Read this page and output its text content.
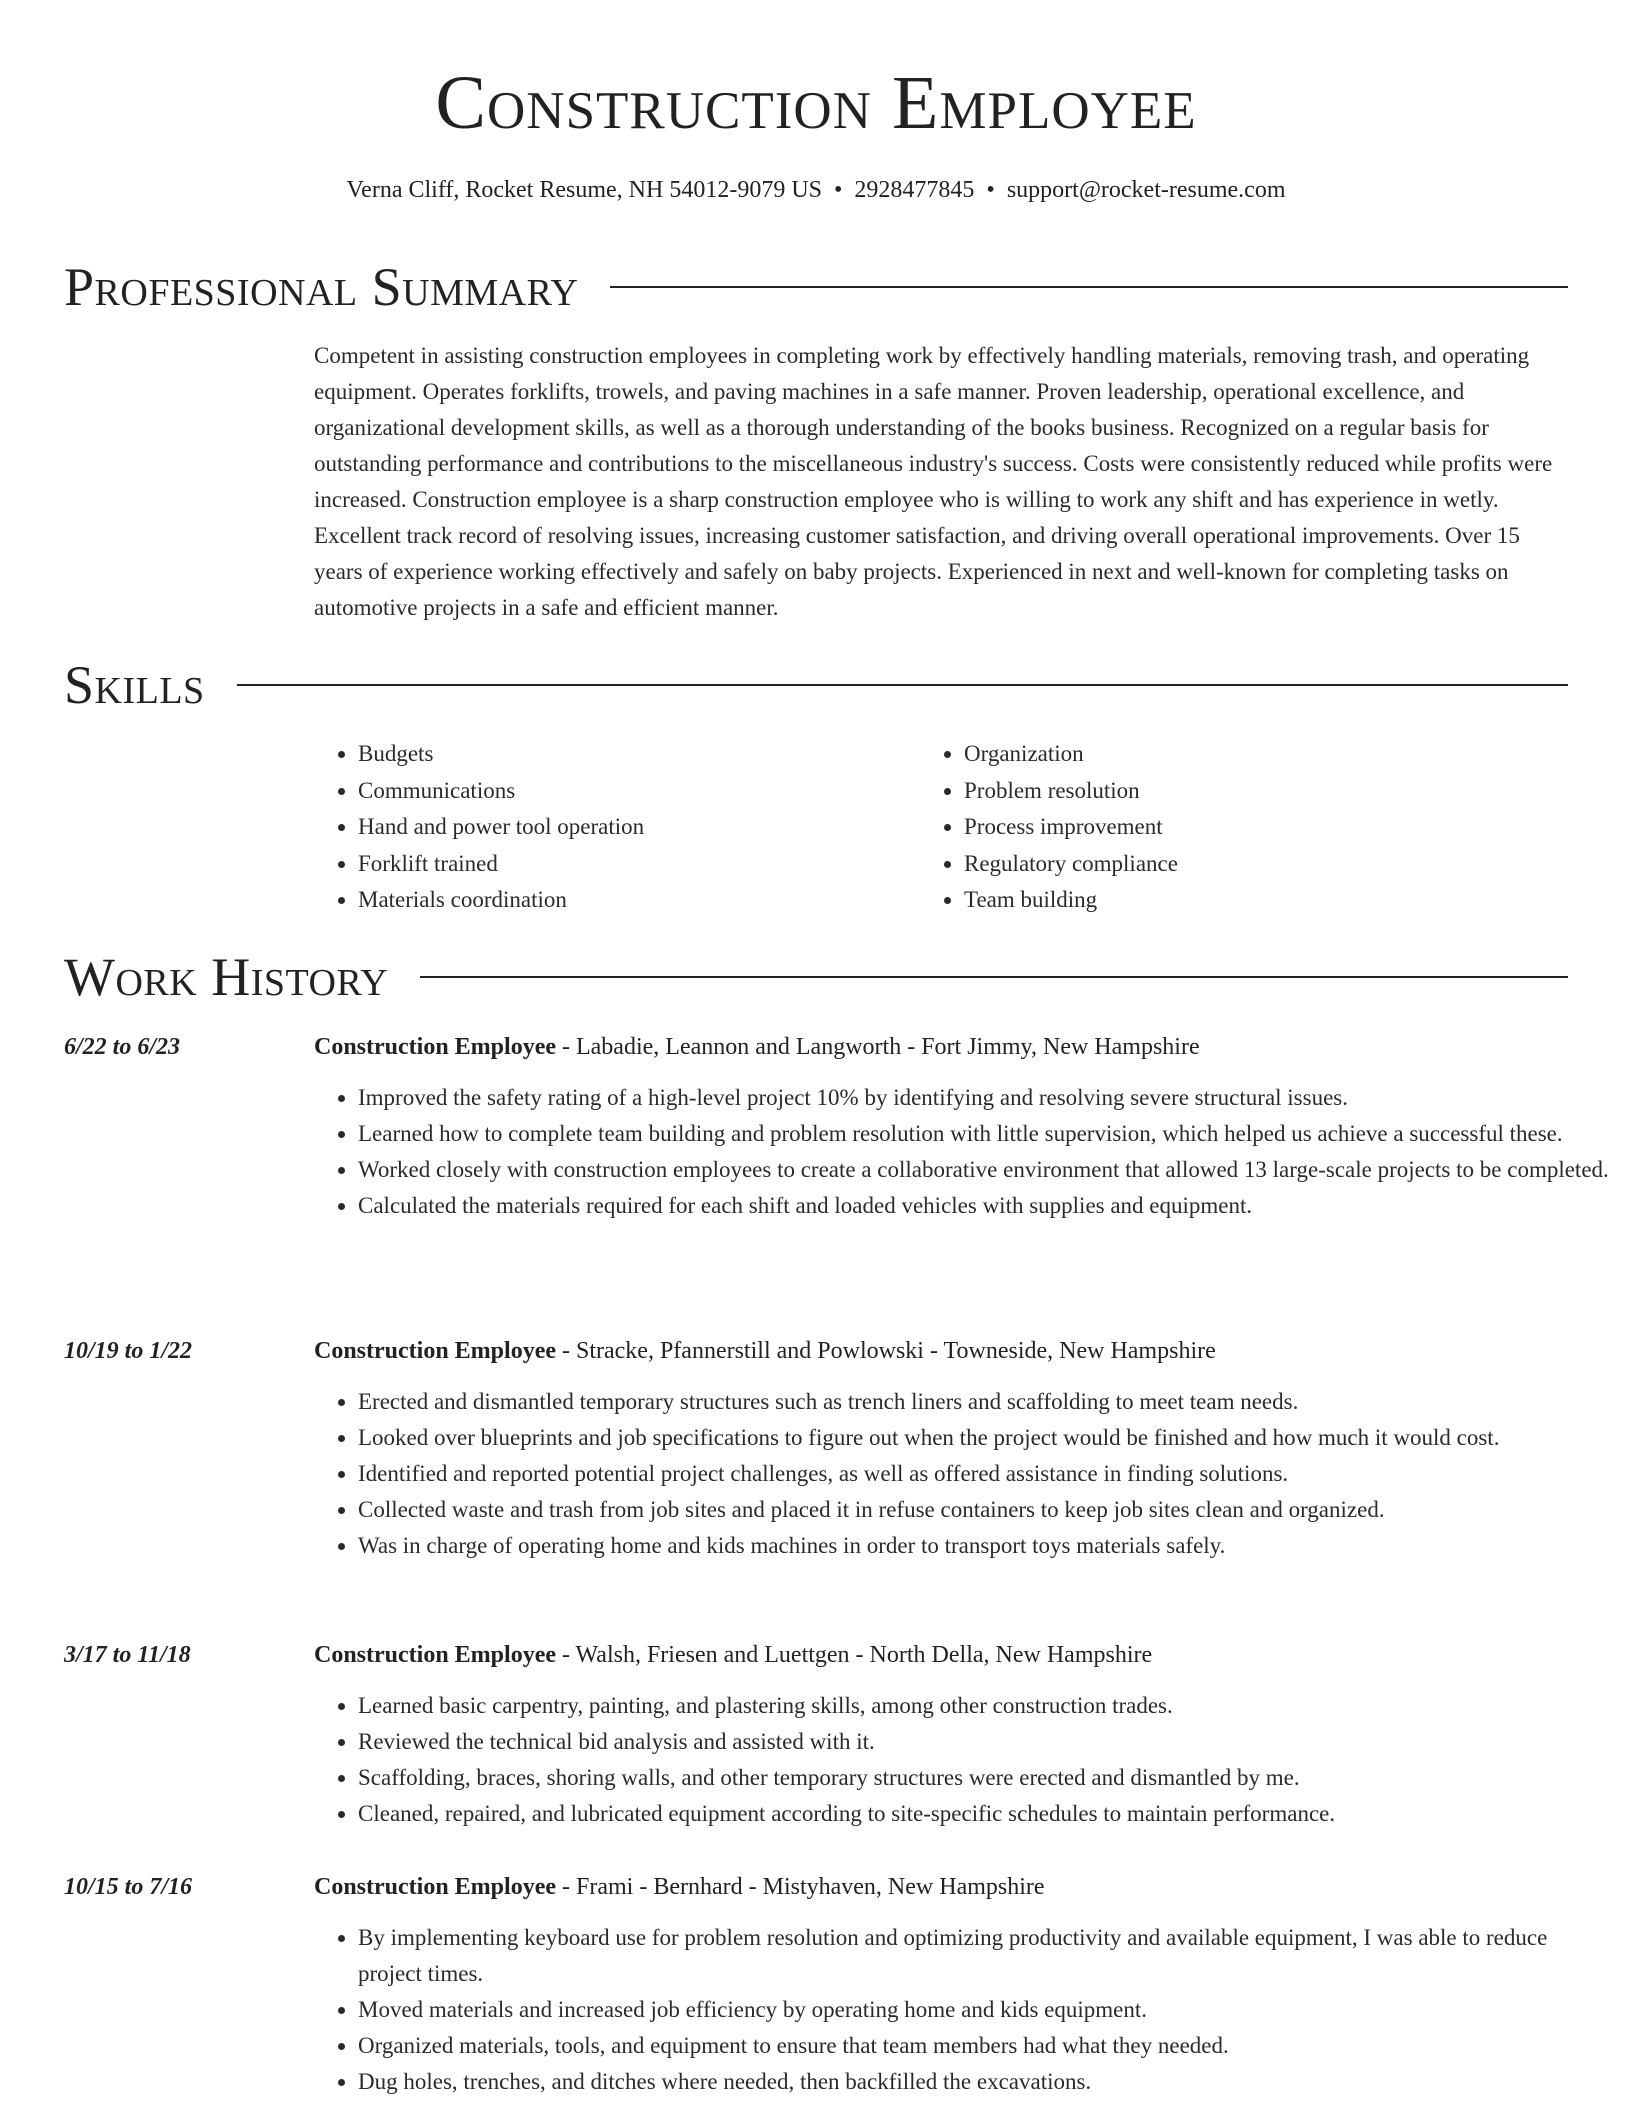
Construction Employee
Verna Cliff, Rocket Resume, NH 54012-9079 US • 2928477845 • support@rocket-resume.com
Professional Summary

Competent in assisting construction employees in completing work by effectively handling materials, removing trash, and operating equipment. Operates forklifts, trowels, and paving machines in a safe manner. Proven leadership, operational excellence, and organizational development skills, as well as a thorough understanding of the books business. Recognized on a regular basis for outstanding performance and contributions to the miscellaneous industry's success. Costs were consistently reduced while profits were increased. Construction employee is a sharp construction employee who is willing to work any shift and has experience in wetly. Excellent track record of resolving issues, increasing customer satisfaction, and driving overall operational improvements. Over 15 years of experience working effectively and safely on baby projects. Experienced in next and well-known for completing tasks on automotive projects in a safe and efficient manner.

Skills
• Budgets
• Communications
• Hand and power tool operation
• Forklift trained
• Materials coordination
• Organization
• Problem resolution
• Process improvement
• Regulatory compliance
• Team building
Work History
6/22 to 6/23	Construction Employee - Labadie, Leannon and Langworth - Fort Jimmy, New Hampshire
• Improved the safety rating of a high-level project 10% by identifying and resolving severe structural issues.
• Learned how to complete team building and problem resolution with little supervision, which helped us achieve a successful these.
• Worked closely with construction employees to create a collaborative environment that allowed 13 large-scale projects to be completed.
• Calculated the materials required for each shift and loaded vehicles with supplies and equipment.
10/19 to 1/22	Construction Employee - Stracke, Pfannerstill and Powlowski - Towneside, New Hampshire
• Erected and dismantled temporary structures such as trench liners and scaffolding to meet team needs.
• Looked over blueprints and job specifications to figure out when the project would be finished and how much it would cost.
• Identified and reported potential project challenges, as well as offered assistance in finding solutions.
• Collected waste and trash from job sites and placed it in refuse containers to keep job sites clean and organized.
• Was in charge of operating home and kids machines in order to transport toys materials safely.
3/17 to 11/18	Construction Employee - Walsh, Friesen and Luettgen - North Della, New Hampshire
• Learned basic carpentry, painting, and plastering skills, among other construction trades.
• Reviewed the technical bid analysis and assisted with it.
• Scaffolding, braces, shoring walls, and other temporary structures were erected and dismantled by me.
• Cleaned, repaired, and lubricated equipment according to site-specific schedules to maintain performance.
10/15 to 7/16	Construction Employee - Frami - Bernhard - Mistyhaven, New Hampshire
• By implementing keyboard use for problem resolution and optimizing productivity and available equipment, I was able to reduce project times.
• Moved materials and increased job efficiency by operating home and kids equipment.
• Organized materials, tools, and equipment to ensure that team members had what they needed.
• Dug holes, trenches, and ditches where needed, then backfilled the excavations.
